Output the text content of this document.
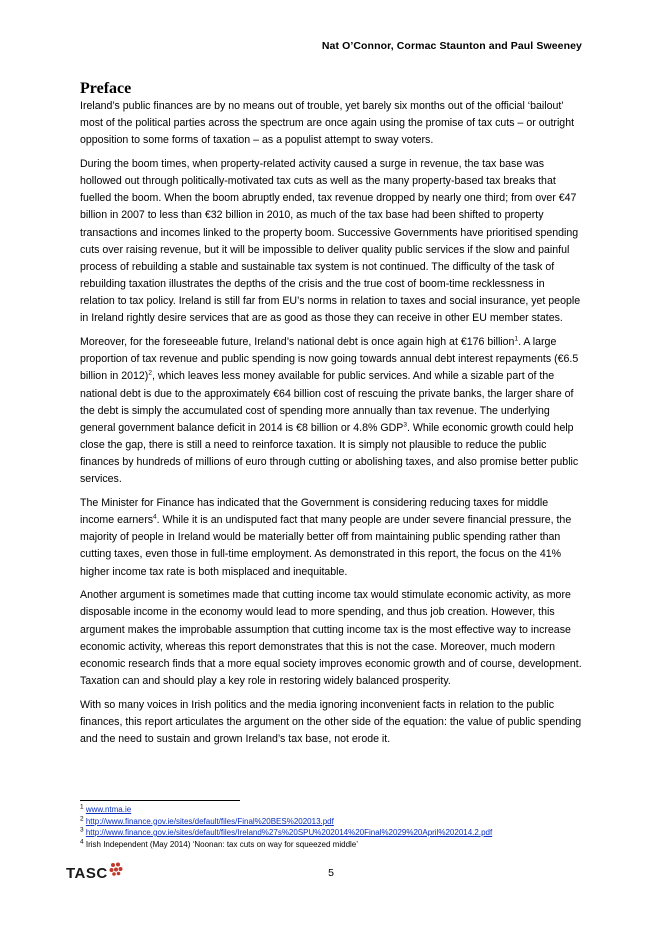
Nat O’Connor, Cormac Staunton and Paul Sweeney
Preface

Ireland’s public finances are by no means out of trouble, yet barely six months out of the official ‘bailout’ most of the political parties across the spectrum are once again using the promise of tax cuts – or outright opposition to some forms of taxation – as a populist attempt to sway voters.

During the boom times, when property-related activity caused a surge in revenue, the tax base was hollowed out through politically-motivated tax cuts as well as the many property-based tax breaks that fuelled the boom. When the boom abruptly ended, tax revenue dropped by nearly one third; from over €47 billion in 2007 to less than €32 billion in 2010, as much of the tax base had been shifted to property transactions and incomes linked to the property boom. Successive Governments have prioritised spending cuts over raising revenue, but it will be impossible to deliver quality public services if the slow and painful process of rebuilding a stable and sustainable tax system is not continued. The difficulty of the task of rebuilding taxation illustrates the depths of the crisis and the true cost of boom-time recklessness in relation to tax policy. Ireland is still far from EU’s norms in relation to taxes and social insurance, yet people in Ireland rightly desire services that are as good as those they can receive in other EU member states.

Moreover, for the foreseeable future, Ireland’s national debt is once again high at €176 billion$^1$. A large proportion of tax revenue and public spending is now going towards annual debt interest repayments (€6.5 billion in 2012)$^2$, which leaves less money available for public services. And while a sizable part of the national debt is due to the approximately €64 billion cost of rescuing the private banks, the larger share of the debt is simply the accumulated cost of spending more annually than tax revenue. The underlying general government balance deficit in 2014 is €8 billion or 4.8% GDP$^3$. While economic growth could help close the gap, there is still a need to reinforce taxation. It is simply not plausible to reduce the public finances by hundreds of millions of euro through cutting or abolishing taxes, and also promise better public services.

The Minister for Finance has indicated that the Government is considering reducing taxes for middle income earners$^4$. While it is an undisputed fact that many people are under severe financial pressure, the majority of people in Ireland would be materially better off from maintaining public spending rather than cutting taxes, even those in full-time employment. As demonstrated in this report, the focus on the 41% higher income tax rate is both misplaced and inequitable.

Another argument is sometimes made that cutting income tax would stimulate economic activity, as more disposable income in the economy would lead to more spending, and thus job creation. However, this argument makes the improbable assumption that cutting income tax is the most effective way to increase economic activity, whereas this report demonstrates that this is not the case. Moreover, much modern economic research finds that a more equal society improves economic growth and of course, development. Taxation can and should play a key role in restoring widely balanced prosperity.

With so many voices in Irish politics and the media ignoring inconvenient facts in relation to the public finances, this report articulates the argument on the other side of the equation: the value of public spending and the need to sustain and grown Ireland’s tax base, not erode it.

$^1$ www.ntma.ie
$^2$ http://www.finance.gov.ie/sites/default/files/Final%20BES%202013.pdf
$^3$ http://www.finance.gov.ie/sites/default/files/Ireland%27s%20SPU%202014%20Final%2029%20April%202014.2.pdf
$^4$ Irish Independent (May 2014) ‘Noonan: tax cuts on way for squeezed middle’
TASC	5
